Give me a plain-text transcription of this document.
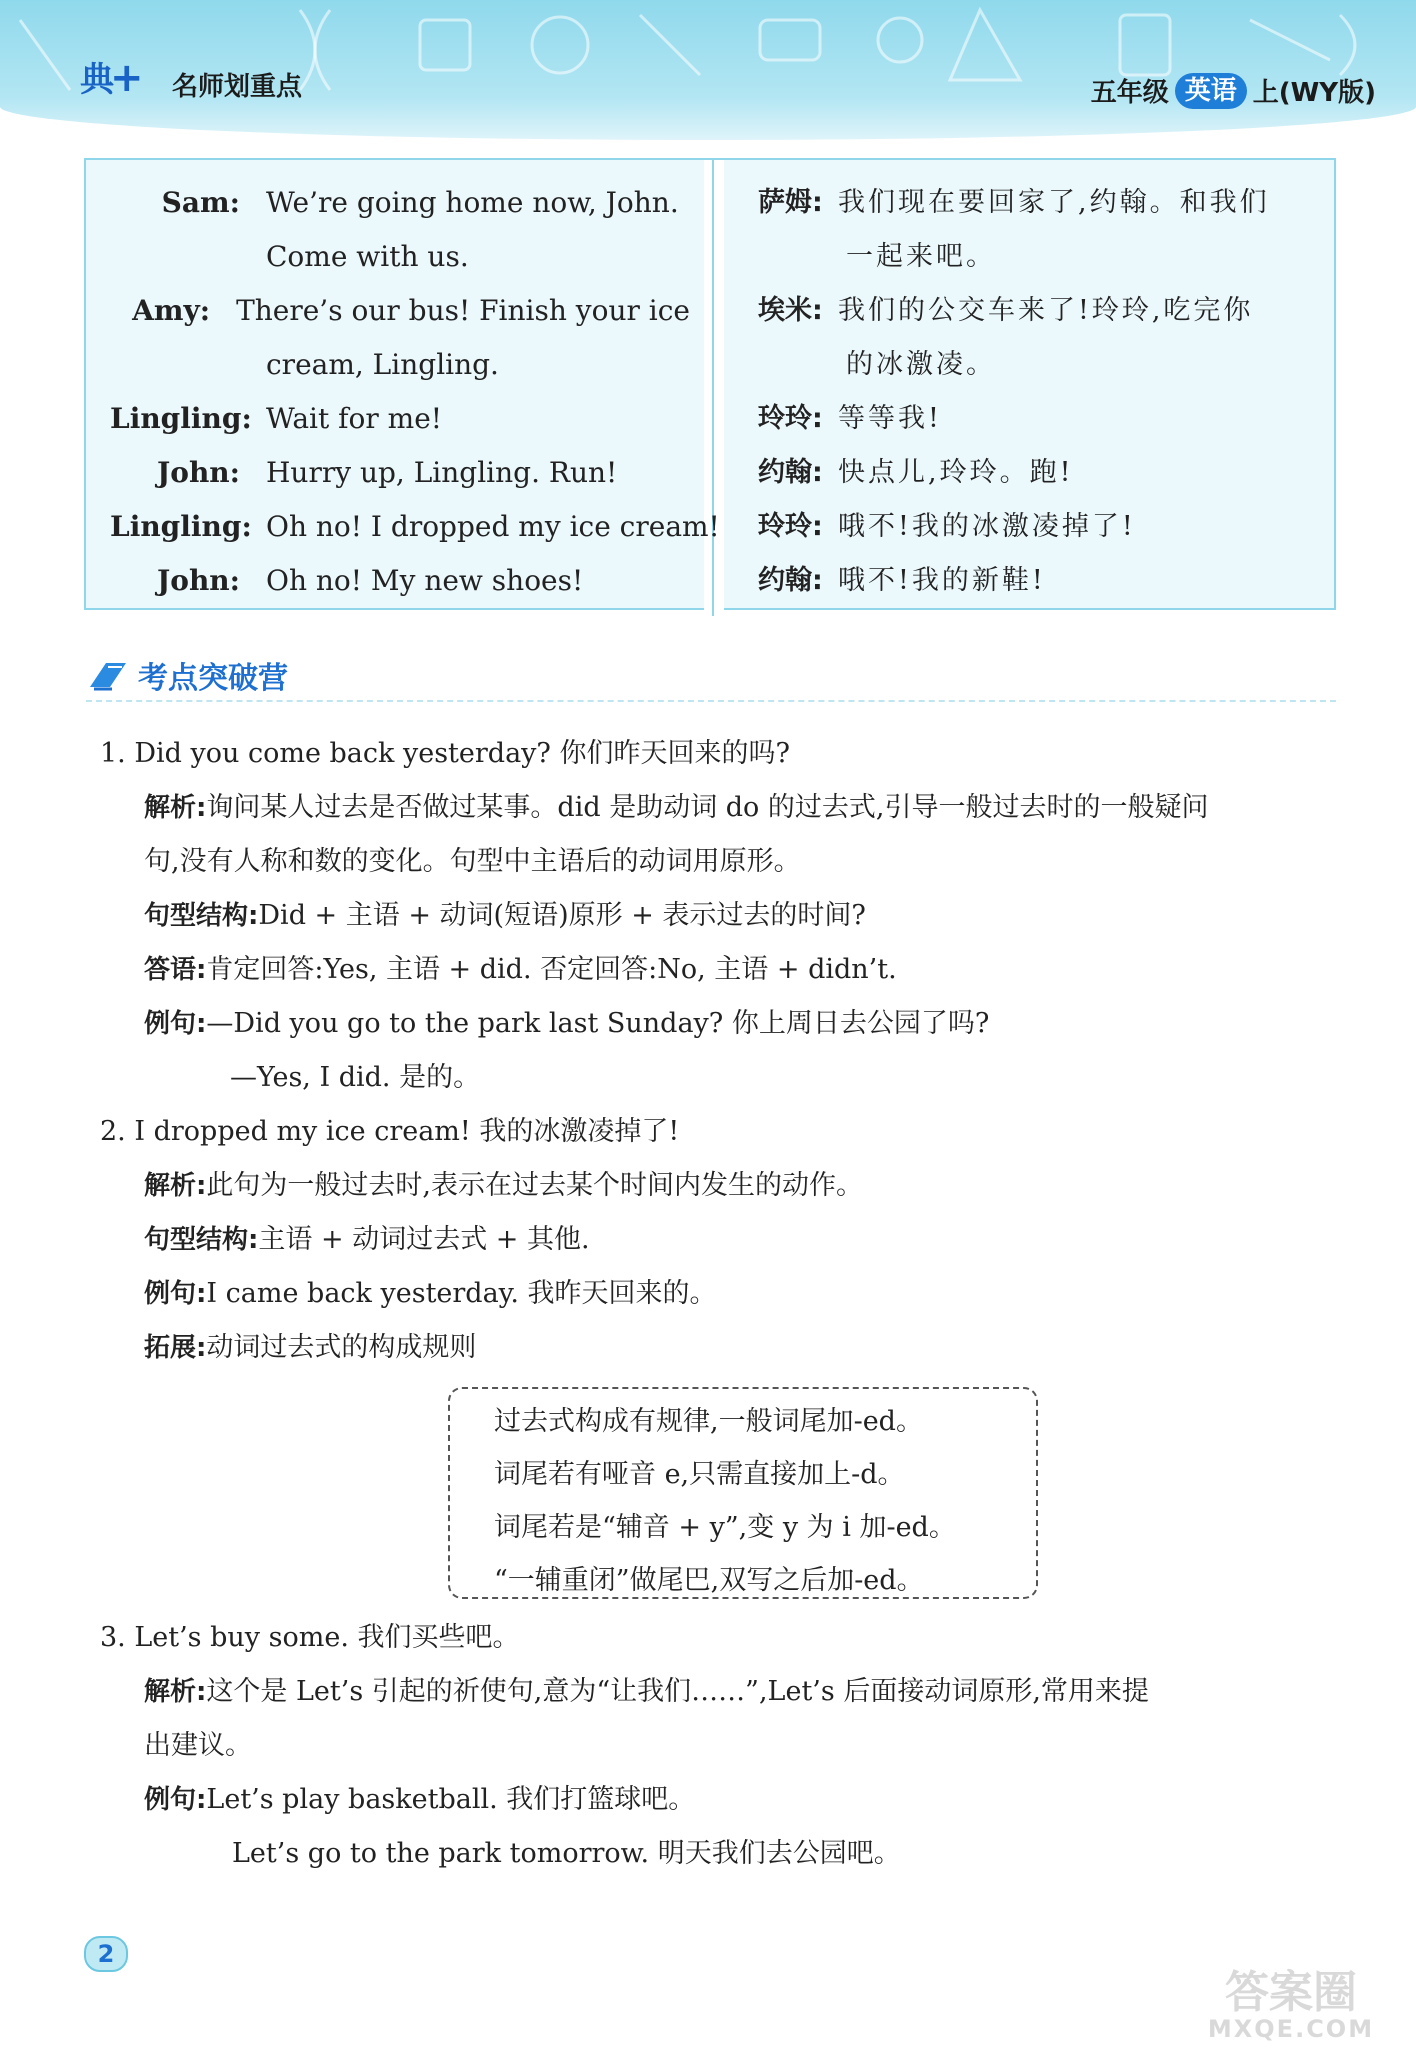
典 + 名师划重点	五年级 英语 上(WY版)
Sam: We’re going home now, John.
Come with us.
Amy: There’s our bus! Finish your ice
cream, Lingling.
Lingling: Wait for me!
John: Hurry up, Lingling. Run!
Lingling: Oh no! I dropped my ice cream!
John: Oh no! My new shoes!
萨姆: 我们现在要回家了,约翰。和我们
一起来吧。
埃米: 我们的公交车来了!玲玲,吃完你
的冰激凌。
玲玲: 等等我!
约翰: 快点儿,玲玲。跑!
玲玲: 哦不!我的冰激凌掉了!
约翰: 哦不!我的新鞋!
考点突破营
1. Did you come back yesterday? 你们昨天回来的吗?
解析:询问某人过去是否做过某事。did 是助动词 do 的过去式,引导一般过去时的一般疑问
句,没有人称和数的变化。句型中主语后的动词用原形。
句型结构:Did + 主语 + 动词(短语)原形 + 表示过去的时间?
答语:肯定回答:Yes, 主语 + did. 否定回答:No, 主语 + didn’t.
例句:—Did you go to the park last Sunday? 你上周日去公园了吗?
—Yes, I did. 是的。
2. I dropped my ice cream! 我的冰激凌掉了!
解析:此句为一般过去时,表示在过去某个时间内发生的动作。
句型结构:主语 + 动词过去式 + 其他.
例句:I came back yesterday. 我昨天回来的。
拓展:动词过去式的构成规则
过去式构成有规律,一般词尾加-ed。
词尾若有哑音 e,只需直接加上-d。
词尾若是“辅音 + y”,变 y 为 i 加-ed。
“一辅重闭”做尾巴,双写之后加-ed。
3. Let’s buy some. 我们买些吧。
解析:这个是 Let’s 引起的祈使句,意为“让我们……”,Let’s 后面接动词原形,常用来提
出建议。
例句:Let’s play basketball. 我们打篮球吧。
Let’s go to the park tomorrow. 明天我们去公园吧。
2
答案圈
MXQE.COM
